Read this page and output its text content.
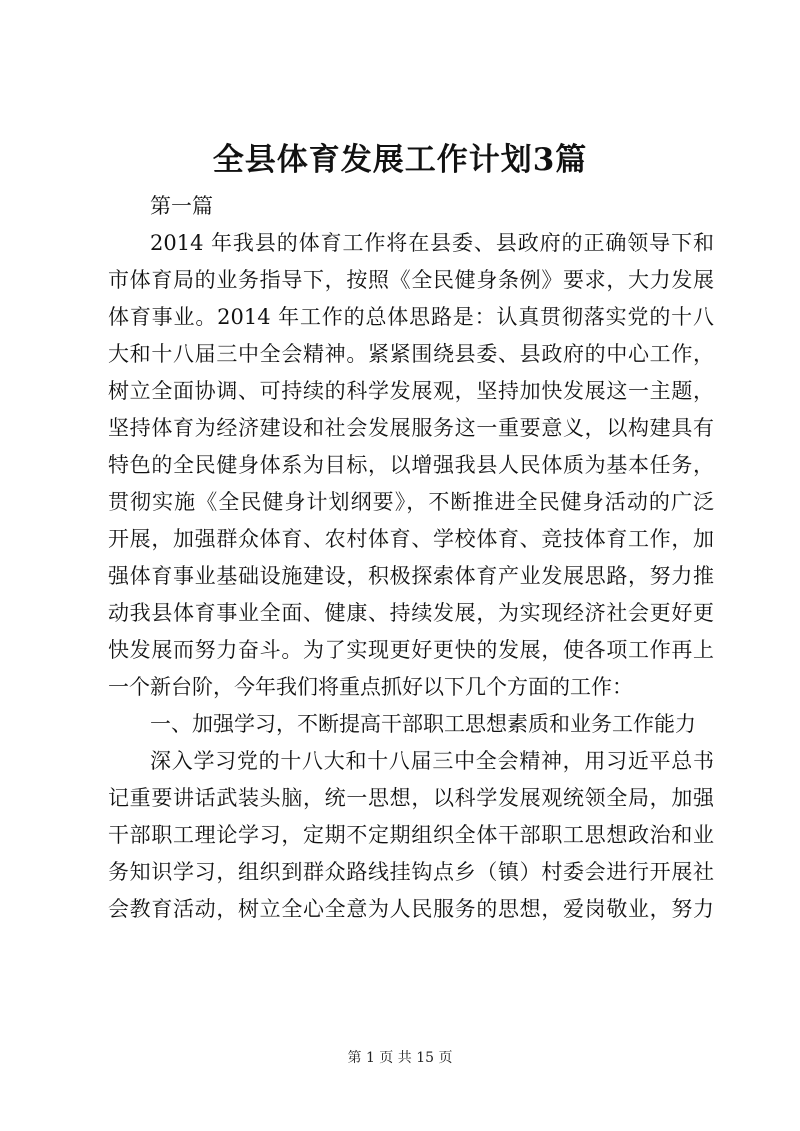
全县体育发展工作计划3篇
第一篇
2014 年我县的体育工作将在县委、县政府的正确领导下和
市体育局的业务指导下，按照《全民健身条例》要求，大力发展
体育事业。2014 年工作的总体思路是：认真贯彻落实党的十八
大和十八届三中全会精神。紧紧围绕县委、县政府的中心工作，
树立全面协调、可持续的科学发展观，坚持加快发展这一主题，
坚持体育为经济建设和社会发展服务这一重要意义，以构建具有
特色的全民健身体系为目标，以增强我县人民体质为基本任务，
贯彻实施《全民健身计划纲要》，不断推进全民健身活动的广泛
开展，加强群众体育、农村体育、学校体育、竞技体育工作，加
强体育事业基础设施建设，积极探索体育产业发展思路，努力推
动我县体育事业全面、健康、持续发展，为实现经济社会更好更
快发展而努力奋斗。为了实现更好更快的发展，使各项工作再上
一个新台阶，今年我们将重点抓好以下几个方面的工作：
一、加强学习，不断提高干部职工思想素质和业务工作能力
深入学习党的十八大和十八届三中全会精神，用习近平总书
记重要讲话武装头脑，统一思想，以科学发展观统领全局，加强
干部职工理论学习，定期不定期组织全体干部职工思想政治和业
务知识学习，组织到群众路线挂钩点乡（镇）村委会进行开展社
会教育活动，树立全心全意为人民服务的思想，爱岗敬业，努力
第 1 页 共 15 页
